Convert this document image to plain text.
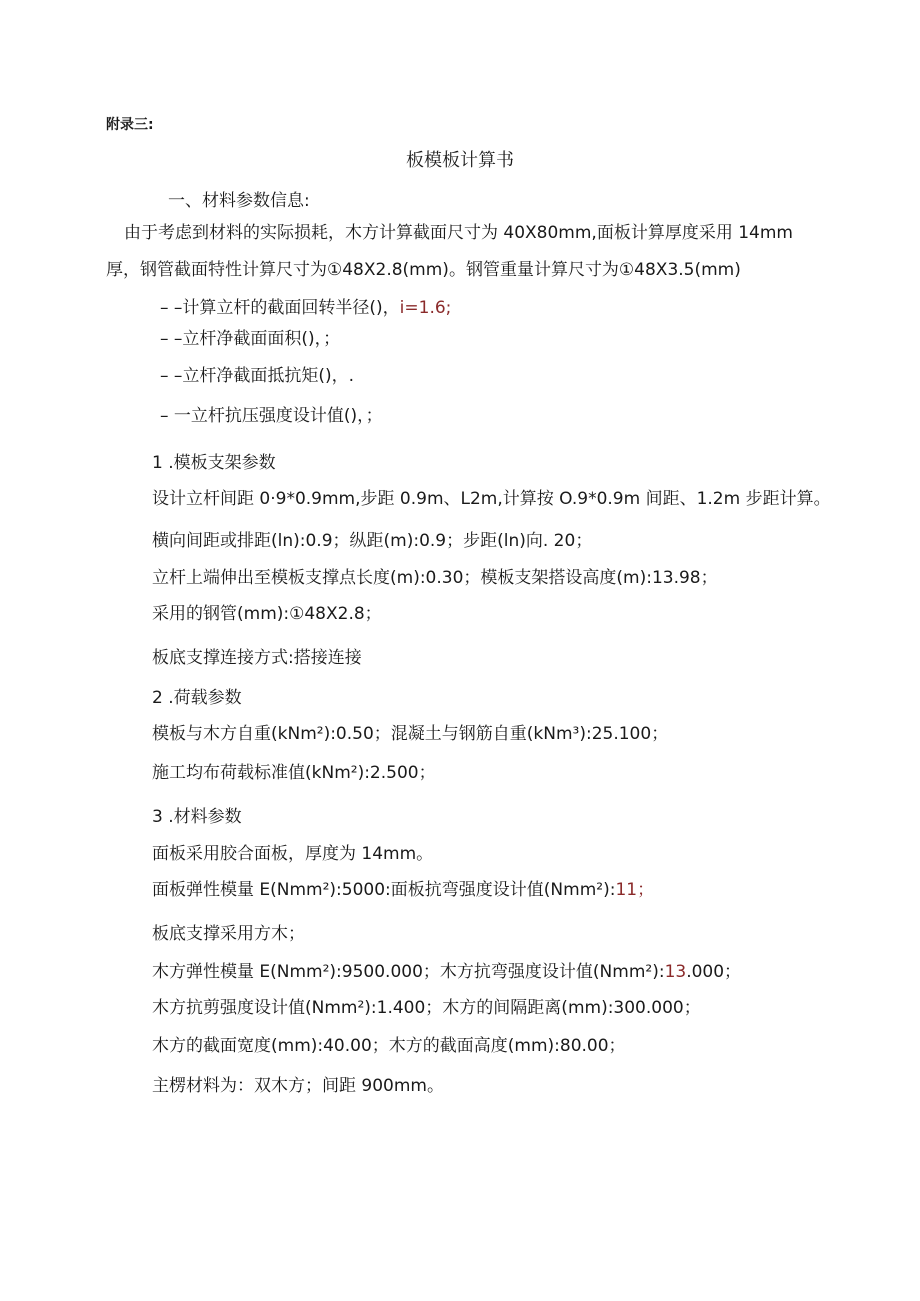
附录三:
板模板计算书
一、材料参数信息:
由于考虑到材料的实际损耗，木方计算截面尺寸为 40X80mm,面板计算厚度采用 14mm
厚，钢管截面特性计算尺寸为①48X2.8(mm)。钢管重量计算尺寸为①48X3.5(mm)
– –计算立杆的截面回转半径()，i=1.6;
– –立杆净截面面积()，；
– –立杆净截面抵抗矩()，.
– 一立杆抗压强度设计值()，；
1 .模板支架参数
设计立杆间距 0·9*0.9mm,步距 0.9m、L2m,计算按 O.9*0.9m 间距、1.2m 步距计算。
横向间距或排距(ln):0.9；纵距(m):0.9；步距(ln)向. 20；
立杆上端伸出至模板支撑点长度(m):0.30；模板支架搭设高度(m):13.98；
采用的钢管(mm):①48X2.8；
板底支撑连接方式:搭接连接
2 .荷载参数
模板与木方自重(kNm²):0.50；混凝土与钢筋自重(kNm³):25.100；
施工均布荷载标准值(kNm²):2.500；
3 .材料参数
面板采用胶合面板，厚度为 14mm。
面板弹性模量 E(Nmm²):5000:面板抗弯强度设计值(Nmm²):11；
板底支撑采用方木；
木方弹性模量 E(Nmm²):9500.000；木方抗弯强度设计值(Nmm²):13.000；
木方抗剪强度设计值(Nmm²):1.400；木方的间隔距离(mm):300.000；
木方的截面宽度(mm):40.00；木方的截面高度(mm):80.00；
主楞材料为：双木方；间距 900mm。
